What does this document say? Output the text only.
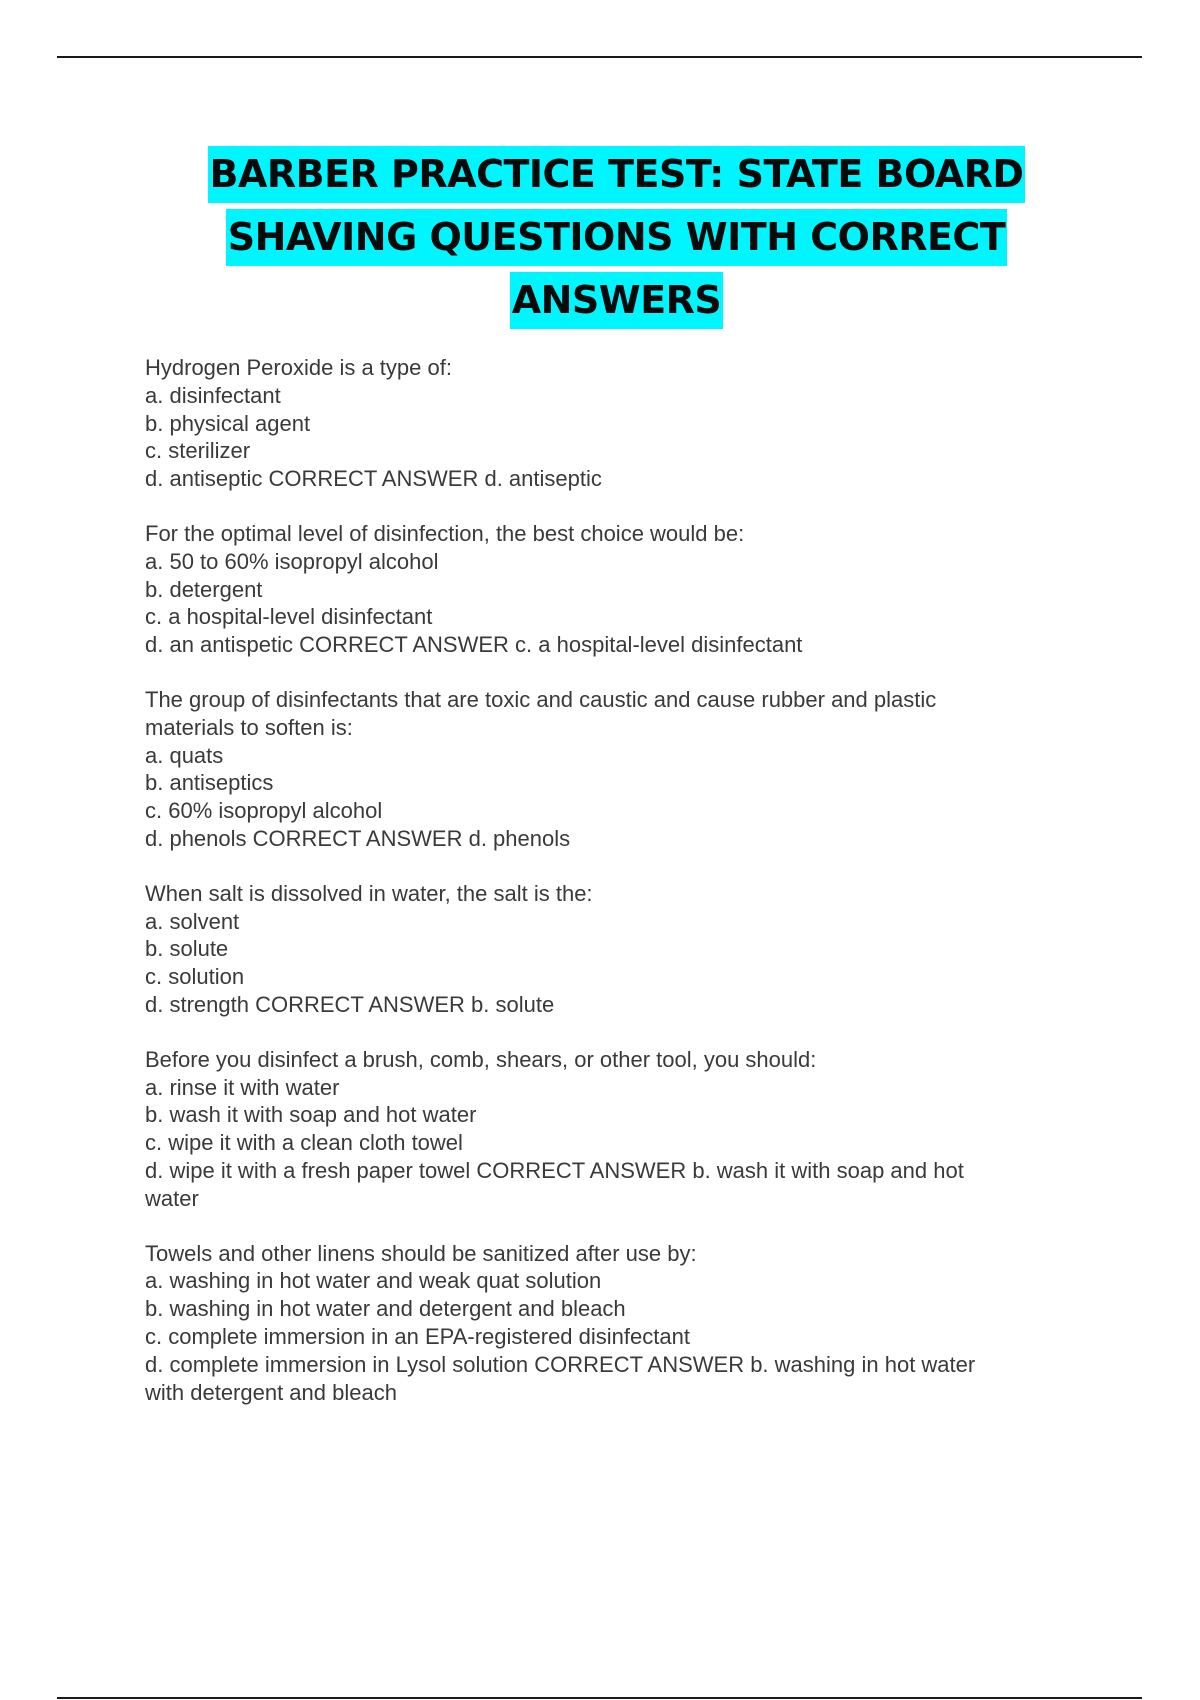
BARBER PRACTICE TEST: STATE BOARD
SHAVING QUESTIONS WITH CORRECT
ANSWERS
Hydrogen Peroxide is a type of:
a. disinfectant
b. physical agent
c. sterilizer
d. antiseptic CORRECT ANSWER d. antiseptic
For the optimal level of disinfection, the best choice would be:
a. 50 to 60% isopropyl alcohol
b. detergent
c. a hospital-level disinfectant
d. an antispetic CORRECT ANSWER c. a hospital-level disinfectant
The group of disinfectants that are toxic and caustic and cause rubber and plastic
materials to soften is:
a. quats
b. antiseptics
c. 60% isopropyl alcohol
d. phenols CORRECT ANSWER d. phenols
When salt is dissolved in water, the salt is the:
a. solvent
b. solute
c. solution
d. strength CORRECT ANSWER b. solute
Before you disinfect a brush, comb, shears, or other tool, you should:
a. rinse it with water
b. wash it with soap and hot water
c. wipe it with a clean cloth towel
d. wipe it with a fresh paper towel CORRECT ANSWER b. wash it with soap and hot
water
Towels and other linens should be sanitized after use by:
a. washing in hot water and weak quat solution
b. washing in hot water and detergent and bleach
c. complete immersion in an EPA-registered disinfectant
d. complete immersion in Lysol solution CORRECT ANSWER b. washing in hot water
with detergent and bleach
